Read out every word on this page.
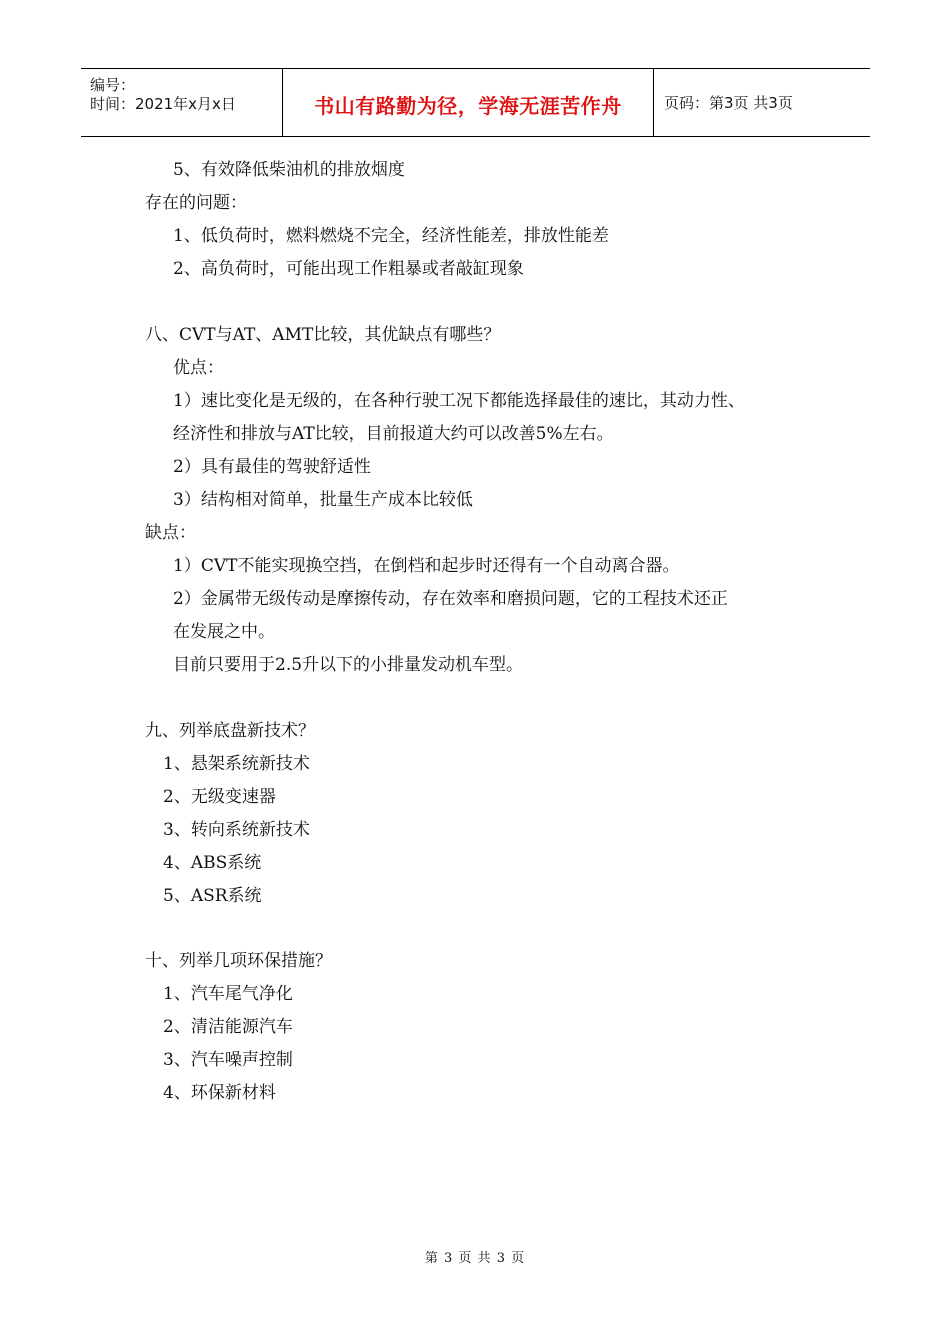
编号：
时间：2021年x月x日	书山有路勤为径，学海无涯苦作舟	页码：第3页 共3页
5、有效降低柴油机的排放烟度
存在的问题：
1、低负荷时，燃料燃烧不完全，经济性能差，排放性能差
2、高负荷时，可能出现工作粗暴或者敲缸现象
八、CVT与AT、AMT比较，其优缺点有哪些？
优点：
1）速比变化是无级的，在各种行驶工况下都能选择最佳的速比，其动力性、
经济性和排放与AT比较，目前报道大约可以改善5%左右。
2）具有最佳的驾驶舒适性
3）结构相对简单，批量生产成本比较低
缺点：
1）CVT不能实现换空挡，在倒档和起步时还得有一个自动离合器。
2）金属带无级传动是摩擦传动，存在效率和磨损问题，它的工程技术还正
在发展之中。
目前只要用于2.5升以下的小排量发动机车型。
九、列举底盘新技术？
1、悬架系统新技术
2、无级变速器
3、转向系统新技术
4、ABS系统
5、ASR系统
十、列举几项环保措施？
1、汽车尾气净化
2、清洁能源汽车
3、汽车噪声控制
4、环保新材料
第 3 页 共 3 页
